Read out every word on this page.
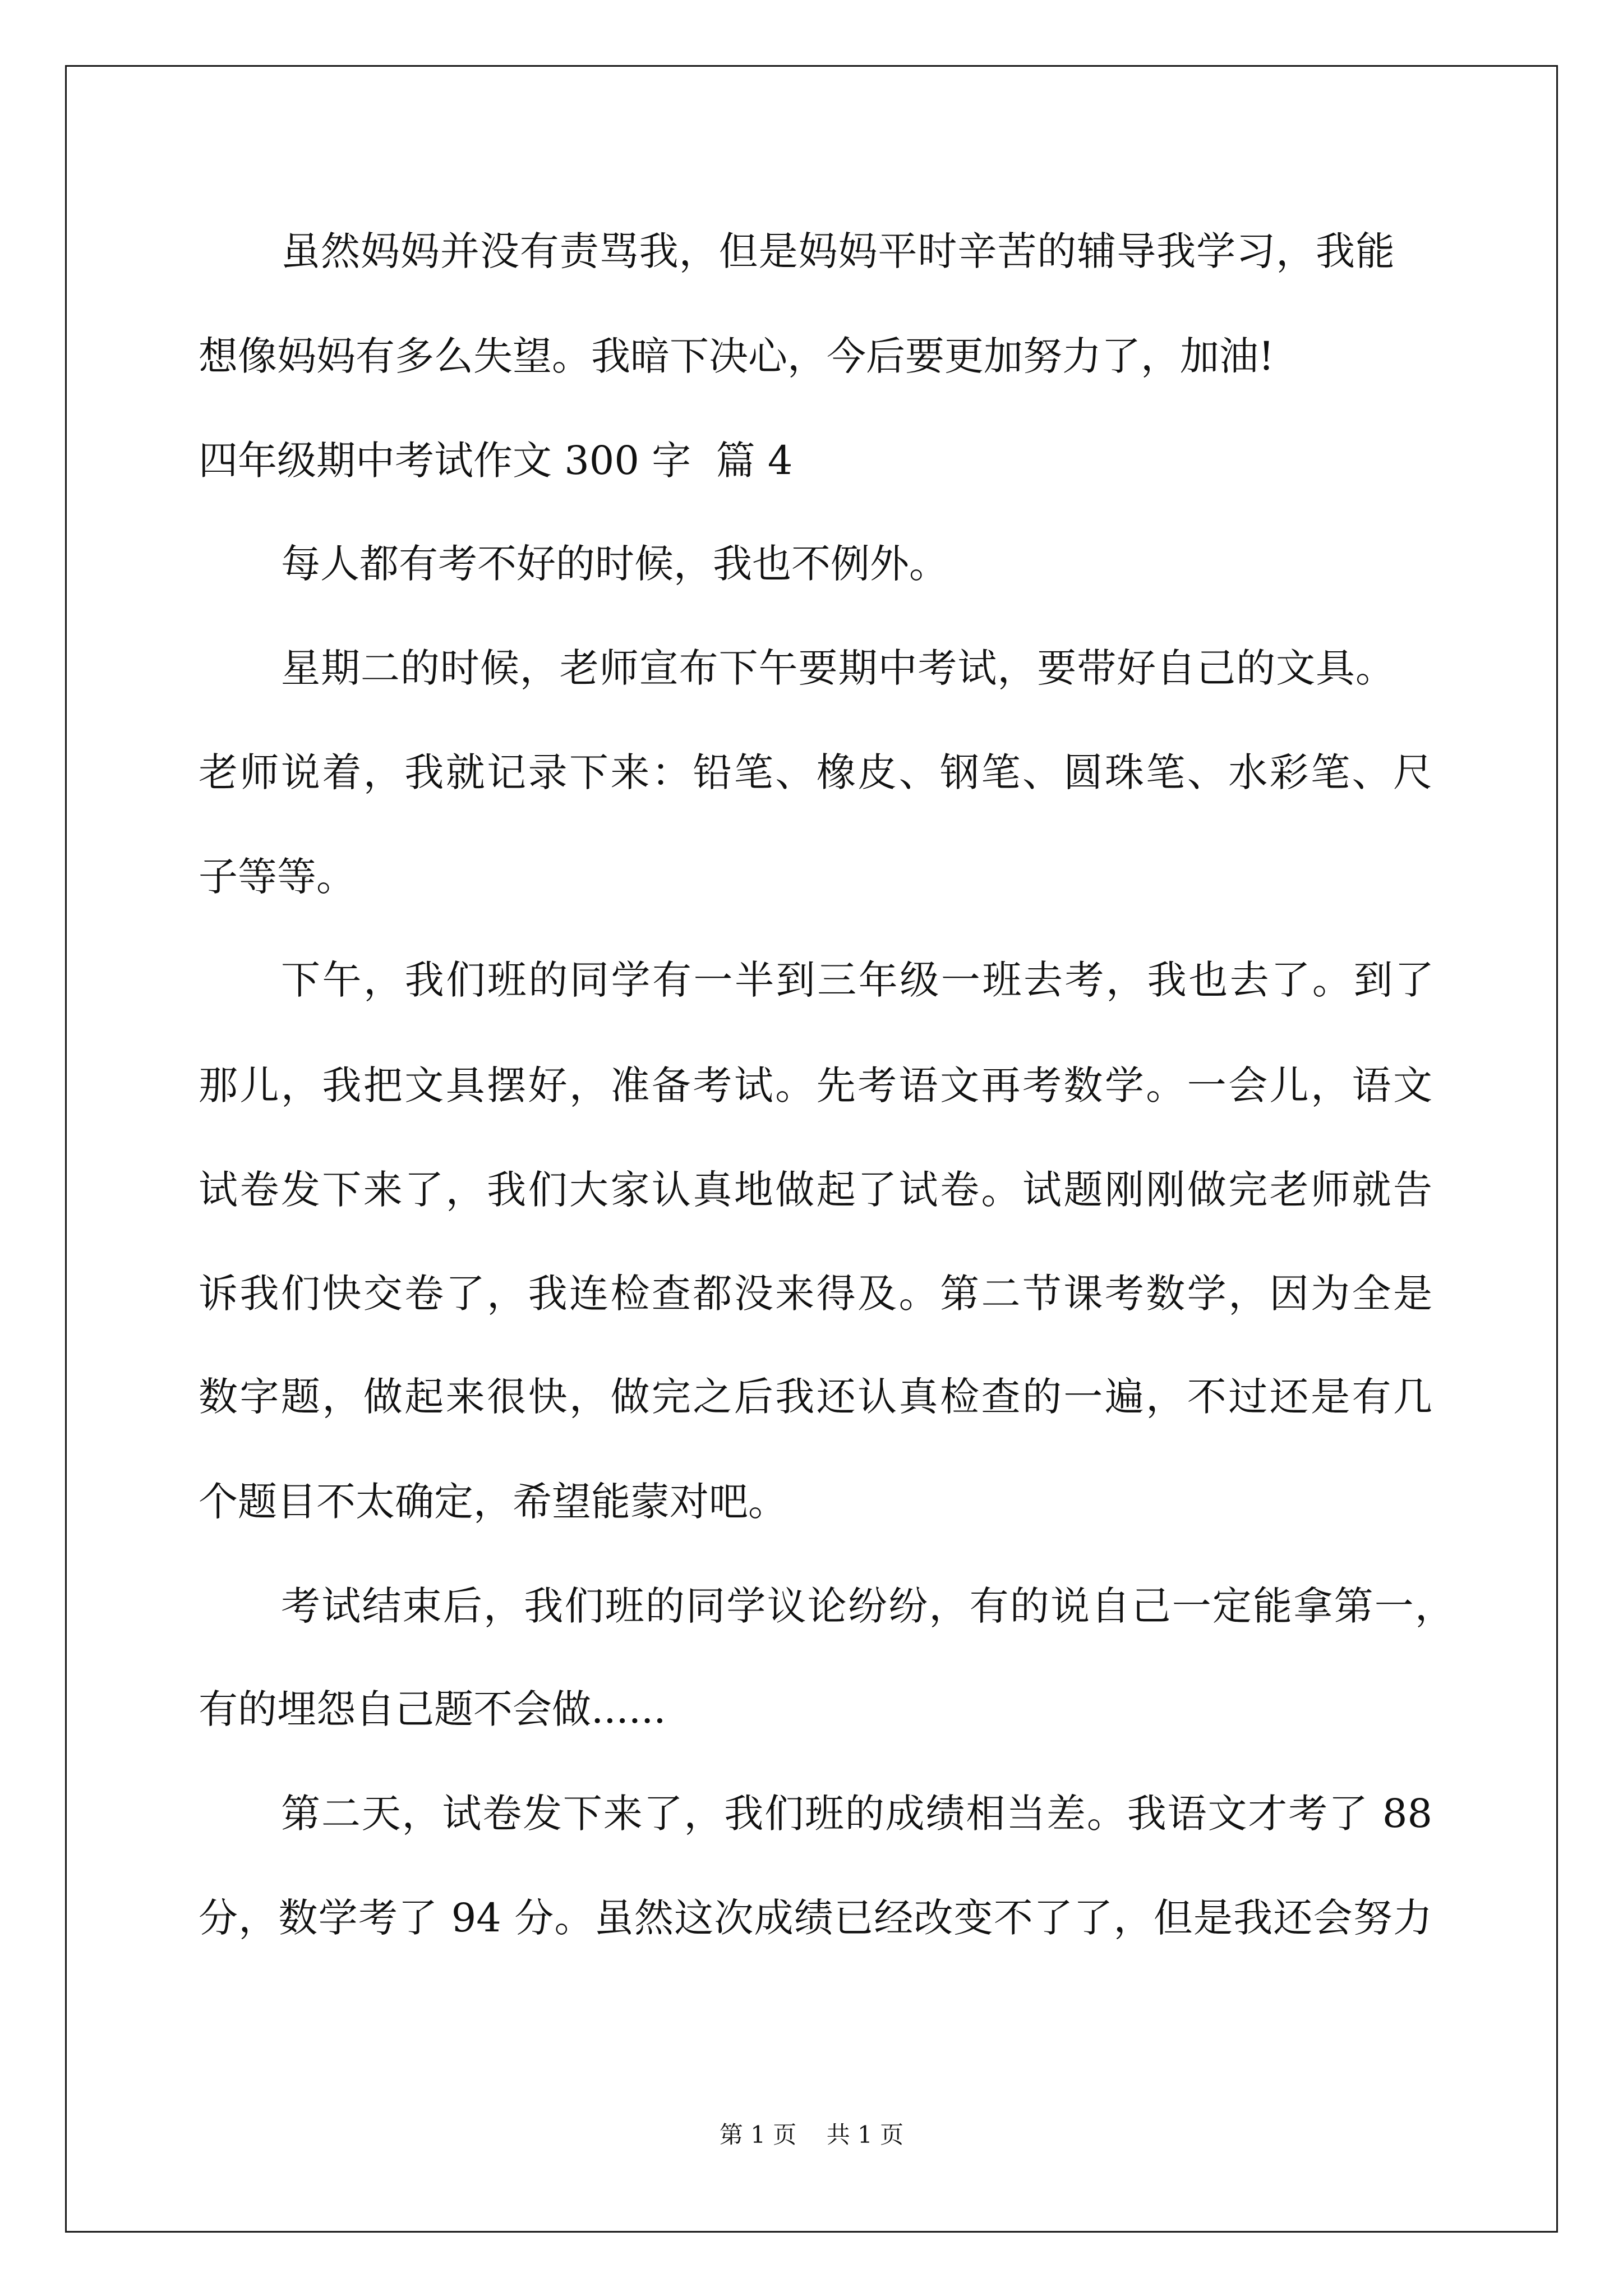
虽然妈妈并没有责骂我，但是妈妈平时辛苦的辅导我学习，我能
想像妈妈有多么失望。我暗下决心，今后要更加努力了，加油!
四年级期中考试作文 300 字  篇 4
每人都有考不好的时候，我也不例外。
星期二的时候，老师宣布下午要期中考试，要带好自己的文具。
老师说着，我就记录下来：铅笔、橡皮、钢笔、圆珠笔、水彩笔、尺
子等等。
下午，我们班的同学有一半到三年级一班去考，我也去了。到了
那儿，我把文具摆好，准备考试。先考语文再考数学。一会儿，语文
试卷发下来了，我们大家认真地做起了试卷。试题刚刚做完老师就告
诉我们快交卷了，我连检查都没来得及。第二节课考数学，因为全是
数字题，做起来很快，做完之后我还认真检查的一遍，不过还是有几
个题目不太确定，希望能蒙对吧。
考试结束后，我们班的同学议论纷纷，有的说自己一定能拿第一，
有的埋怨自己题不会做......
第二天，试卷发下来了，我们班的成绩相当差。我语文才考了 88
分，数学考了 94 分。虽然这次成绩已经改变不了了，但是我还会努力
第 1 页    共 1 页
